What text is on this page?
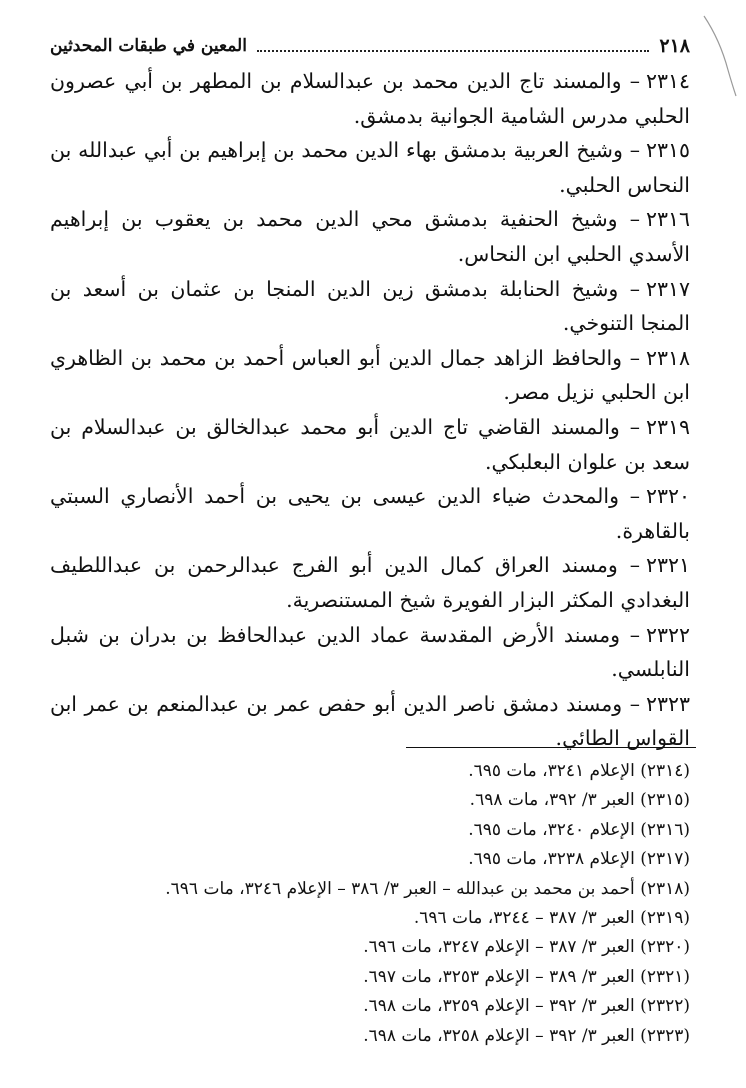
٢١٨
المعين في طبقات المحدثين

٢٣١٤– والمسند تاج الدين محمد بن عبدالسلام بن المطهر بن أبي عصرون الحلبي مدرس الشامية الجوانية بدمشق.

٢٣١٥– وشيخ العربية بدمشق بهاء الدين محمد بن إبراهيم بن أبي عبدالله بن النحاس الحلبي.

٢٣١٦– وشيخ الحنفية بدمشق محي الدين محمد بن يعقوب بن إبراهيم الأسدي الحلبي ابن النحاس.

٢٣١٧– وشيخ الحنابلة بدمشق زين الدين المنجا بن عثمان بن أسعد بن المنجا التنوخي.

٢٣١٨– والحافظ الزاهد جمال الدين أبو العباس أحمد بن محمد بن الظاهري ابن الحلبي نزيل مصر.

٢٣١٩– والمسند القاضي تاج الدين أبو محمد عبدالخالق بن عبدالسلام بن سعد بن علوان البعلبكي.

٢٣٢٠– والمحدث ضياء الدين عيسى بن يحيى بن أحمد الأنصاري السبتي بالقاهرة.

٢٣٢١– ومسند العراق كمال الدين أبو الفرج عبدالرحمن بن عبداللطيف البغدادي المكثر البزار الفويرة شيخ المستنصرية.

٢٣٢٢– ومسند الأرض المقدسة عماد الدين عبدالحافظ بن بدران بن شبل النابلسي.

٢٣٢٣– ومسند دمشق ناصر الدين أبو حفص عمر بن عبدالمنعم بن عمر ابن القواس الطائي.

(٢٣١٤) الإعلام ٣٢٤١، مات ٦٩٥.
(٢٣١٥) العبر ٣/ ٣٩٢، مات ٦٩٨.
(٢٣١٦) الإعلام ٣٢٤٠، مات ٦٩٥.
(٢٣١٧) الإعلام ٣٢٣٨، مات ٦٩٥.
(٢٣١٨) أحمد بن محمد بن عبدالله – العبر ٣/ ٣٨٦ – الإعلام ٣٢٤٦، مات ٦٩٦.
(٢٣١٩) العبر ٣/ ٣٨٧ – ٣٢٤٤، مات ٦٩٦.
(٢٣٢٠) العبر ٣/ ٣٨٧ – الإعلام ٣٢٤٧، مات ٦٩٦.
(٢٣٢١) العبر ٣/ ٣٨٩ – الإعلام ٣٢٥٣، مات ٦٩٧.
(٢٣٢٢) العبر ٣/ ٣٩٢ – الإعلام ٣٢٥٩، مات ٦٩٨.
(٢٣٢٣) العبر ٣/ ٣٩٢ – الإعلام ٣٢٥٨، مات ٦٩٨.
